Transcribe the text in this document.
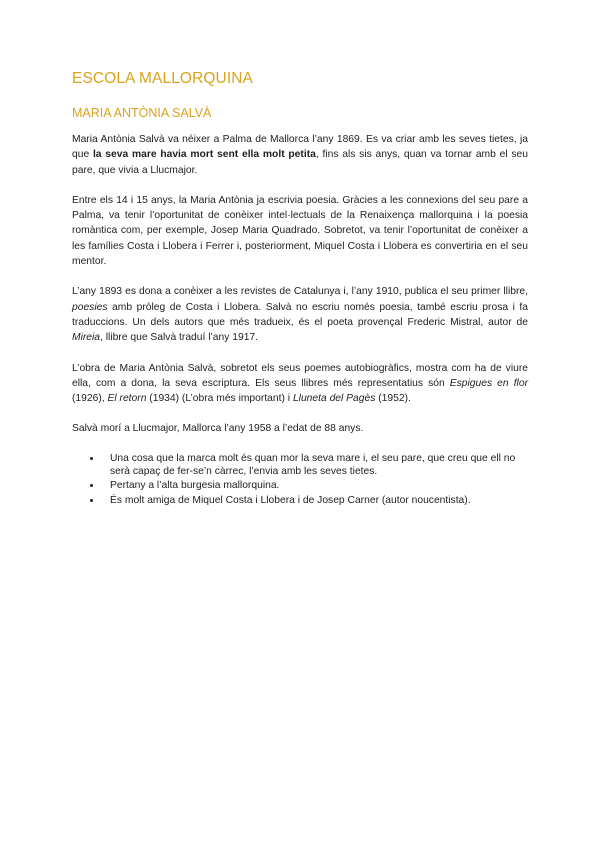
ESCOLA MALLORQUINA
MARIA ANTÒNIA SALVÀ

Maria Antònia Salvà va néixer a Palma de Mallorca l’any 1869. Es va criar amb les seves tietes, ja que la seva mare havia mort sent ella molt petita, fins als sis anys, quan va tornar amb el seu pare, que vivia a Llucmajor.

Entre els 14 i 15 anys, la Maria Antònia ja escrivia poesia. Gràcies a les connexions del seu pare a Palma, va tenir l’oportunitat de conèixer intel·lectuals de la Renaixença mallorquina i la poesia romàntica com, per exemple, Josep Maria Quadrado. Sobretot, va tenir l’oportunitat de conèixer a les famílies Costa i Llobera i Ferrer i, posteriorment, Miquel Costa i Llobera es convertiria en el seu mentor.

L’any 1893 es dona a conèixer a les revistes de Catalunya i, l’any 1910, publica el seu primer llibre, poesies amb pròleg de Costa i Llobera. Salvà no escriu només poesia, també escriu prosa i fa traduccions. Un dels autors que més tradueix, és el poeta provençal Frederic Mistral, autor de Mireia, llibre que Salvà traduí l’any 1917.

L’obra de Maria Antònia Salvà, sobretot els seus poemes autobiogràfics, mostra com ha de viure ella, com a dona, la seva escriptura. Els seus llibres més representatius són Espigues en flor (1926), El retorn (1934) (L’obra més important) i Lluneta del Pagès (1952).

Salvà morí a Llucmajor, Mallorca l’any 1958 a l’edat de 88 anys.

• Una cosa que la marca molt és quan mor la seva mare i, el seu pare, que creu que ell no serà capaç de fer-se’n càrrec, l’envia amb les seves tietes.
• Pertany a l’alta burgesia mallorquina.
• És molt amiga de Miquel Costa i Llobera i de Josep Carner (autor noucentista).
